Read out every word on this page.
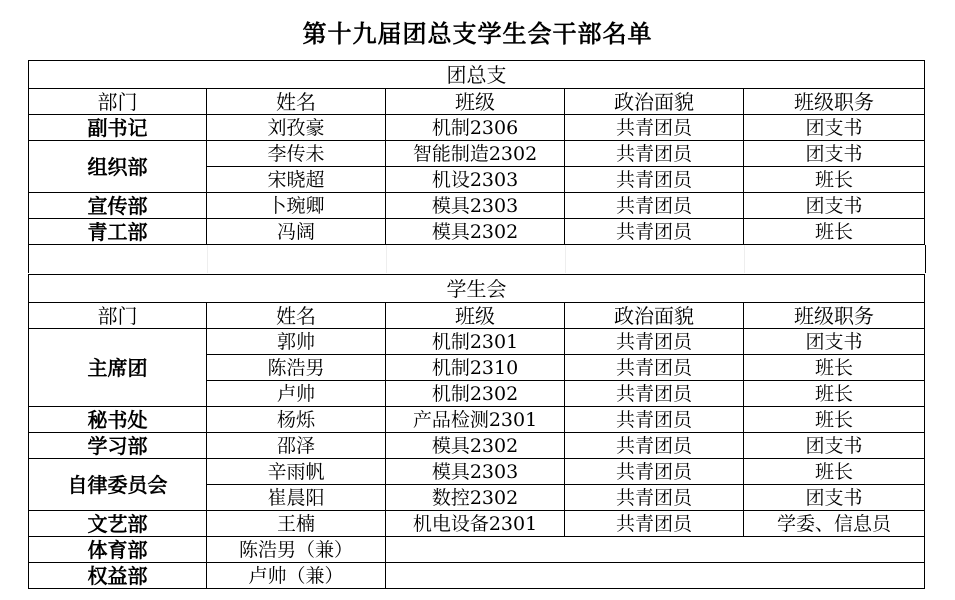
第十九届团总支学生会干部名单
团总支				
部门	姓名	班级	政治面貌	班级职务
副书记	刘孜豪	机制2306	共青团员	团支书
组织部	李传未	智能制造2302	共青团员	团支书
	宋晓超	机设2303	共青团员	班长
宣传部	卜琬卿	模具2303	共青团员	团支书
青工部	冯阔	模具2302	共青团员	班长
学生会				
部门	姓名	班级	政治面貌	班级职务
主席团	郭帅	机制2301	共青团员	团支书
	陈浩男	机制2310	共青团员	班长
	卢帅	机制2302	共青团员	班长
秘书处	杨烁	产品检测2301	共青团员	班长
学习部	邵泽	模具2302	共青团员	团支书
自律委员会	辛雨帆	模具2303	共青团员	班长
	崔晨阳	数控2302	共青团员	团支书
文艺部	王楠	机电设备2301	共青团员	学委、信息员
体育部	陈浩男（兼）			
权益部	卢帅（兼）			
